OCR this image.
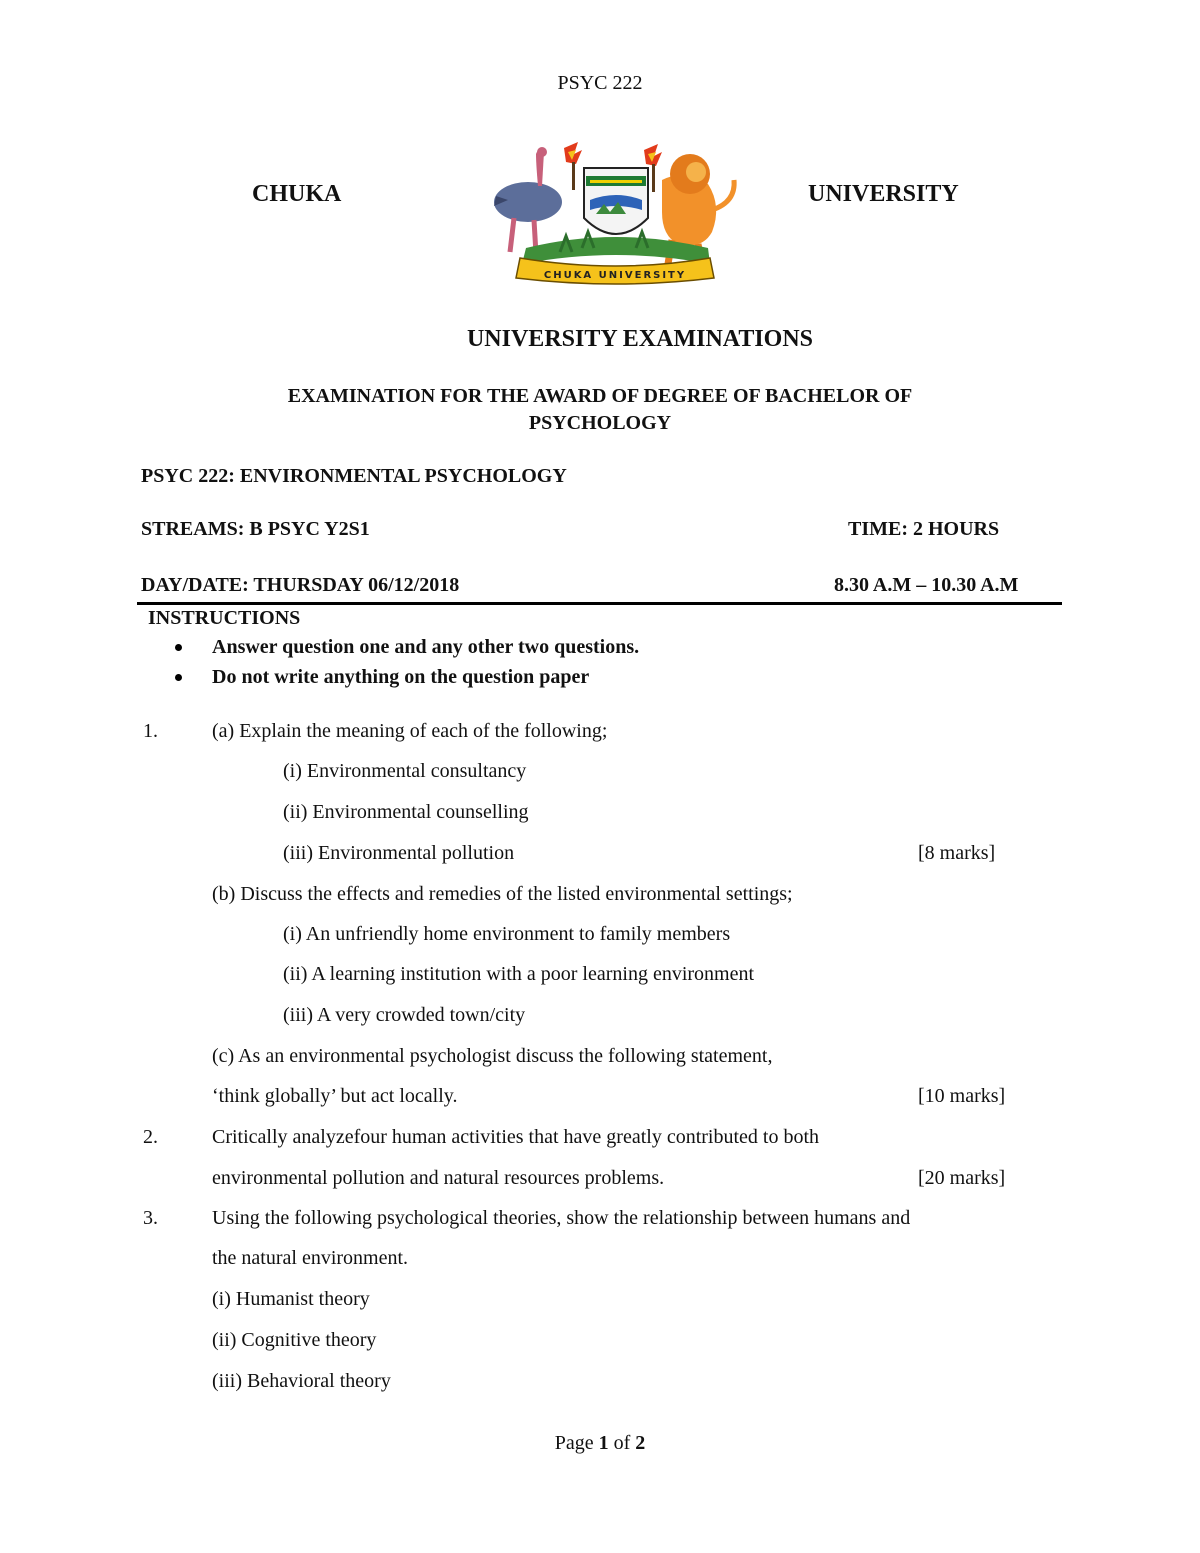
PSYC 222
CHUKA	UNIVERSITY
CHUKA UNIVERSITY
UNIVERSITY EXAMINATIONS
EXAMINATION FOR THE AWARD OF DEGREE OF BACHELOR OF
PSYCHOLOGY
PSYC 222: ENVIRONMENTAL PSYCHOLOGY
STREAMS: B PSYC Y2S1	TIME: 2 HOURS
DAY/DATE: THURSDAY 06/12/2018	8.30 A.M – 10.30 A.M
INSTRUCTIONS
Answer question one and any other two questions.
Do not write anything on the question paper
1.	(a) Explain the meaning of each of the following;
(i) Environmental consultancy
(ii) Environmental counselling
(iii) Environmental pollution	[8 marks]
(b) Discuss the effects and remedies of the listed environmental settings;
(i) An unfriendly home environment to family members
(ii) A learning institution with a poor learning environment
(iii) A very crowded town/city
(c) As an environmental psychologist discuss the following statement,
‘think globally’ but act locally.	[10 marks]
2.	Critically analyzefour human activities that have greatly contributed to both
environmental pollution and natural resources problems.	[20 marks]
3.	Using the following psychological theories, show the relationship between humans and
the natural environment.
(i) Humanist theory
(ii) Cognitive theory
(iii) Behavioral theory
Page 1 of 2
